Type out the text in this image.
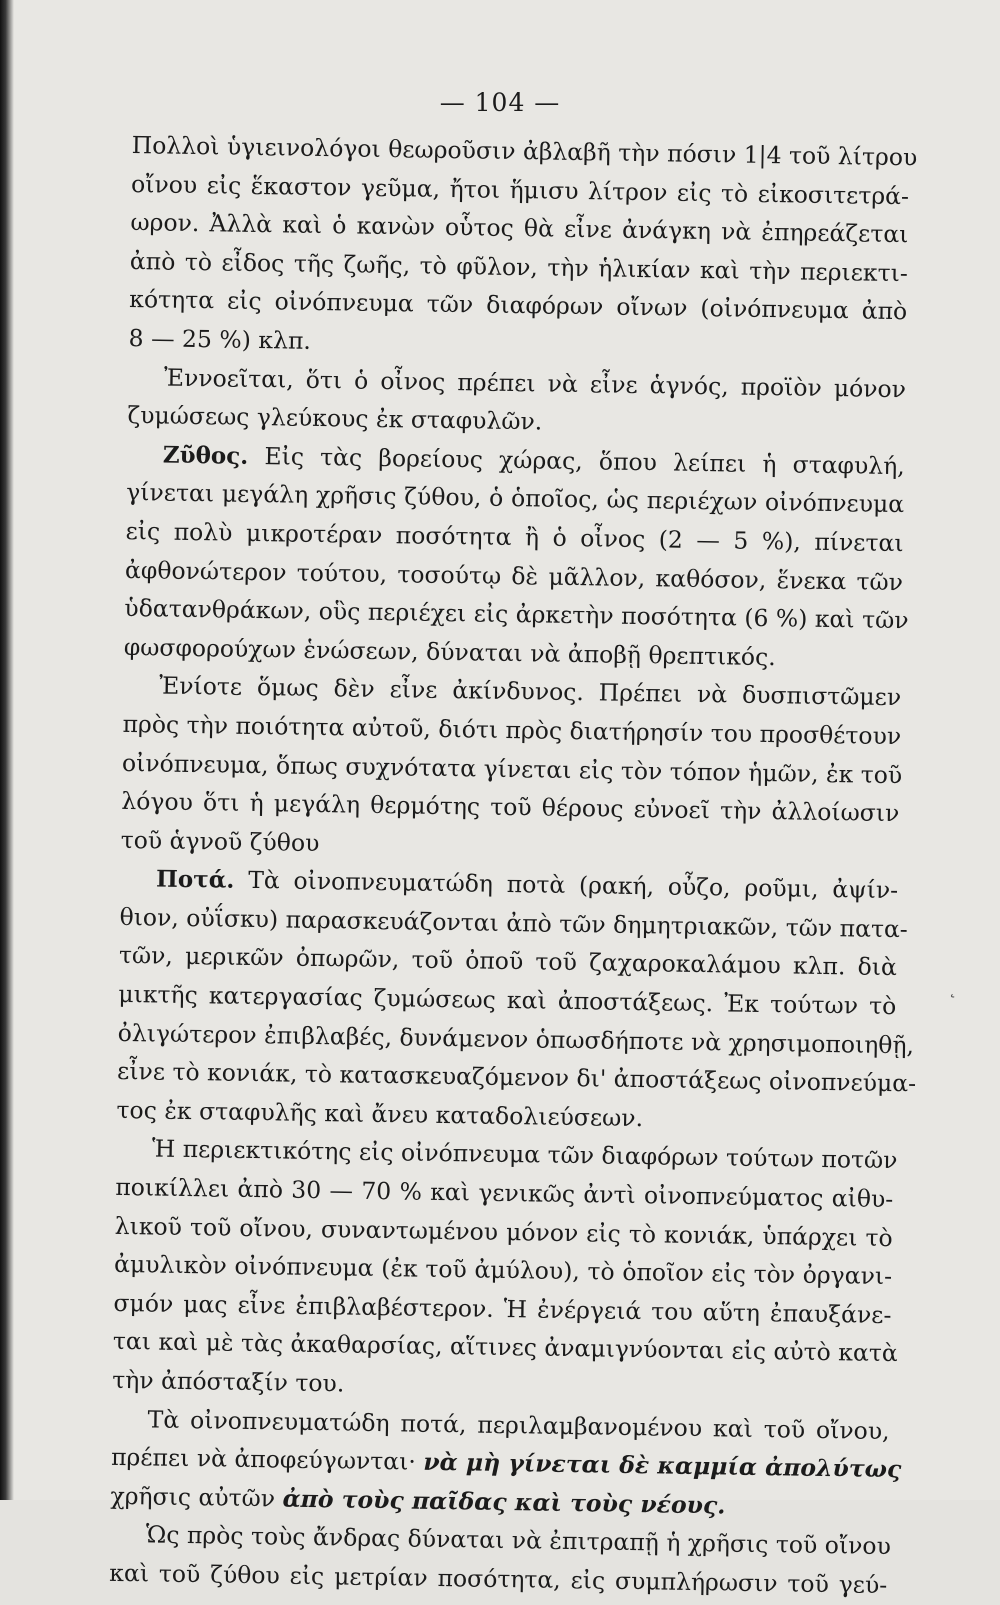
— 104 —
Πολλοὶ ὑγιεινολόγοι θεωροῦσιν ἀβλαβῆ τὴν πόσιν 1|4 τοῦ λίτρου
οἴνου εἰς ἕκαστον γεῦμα, ἤτοι ἥμισυ λίτρον εἰς τὸ εἰκοσιτετρά-
ωρον. Ἀλλὰ καὶ ὁ κανὼν οὗτος θὰ εἶνε ἀνάγκη νὰ ἐπηρεάζεται
ἀπὸ τὸ εἶδος τῆς ζωῆς, τὸ φῦλον, τὴν ἡλικίαν καὶ τὴν περιεκτι-
κότητα εἰς οἰνόπνευμα τῶν διαφόρων οἴνων (οἰνόπνευμα ἀπὸ
8 — 25 %) κλπ.
Ἐννοεῖται, ὅτι ὁ οἶνος πρέπει νὰ εἶνε ἁγνός, προϊὸν μόνον
ζυμώσεως γλεύκους ἐκ σταφυλῶν.
Ζῦθος. Εἰς τὰς βορείους χώρας, ὅπου λείπει ἡ σταφυλή,
γίνεται μεγάλη χρῆσις ζύθου, ὁ ὁποῖος, ὡς περιέχων οἰνόπνευμα
εἰς πολὺ μικροτέραν ποσότητα ἢ ὁ οἶνος (2 — 5 %), πίνεται
ἀφθονώτερον τούτου, τοσούτῳ δὲ μᾶλλον, καθόσον, ἕνεκα τῶν
ὑδατανθράκων, οὓς περιέχει εἰς ἀρκετὴν ποσότητα (6 %) καὶ τῶν
φωσφορούχων ἑνώσεων, δύναται νὰ ἀποβῇ θρεπτικός.
Ἐνίοτε ὅμως δὲν εἶνε ἀκίνδυνος. Πρέπει νὰ δυσπιστῶμεν
πρὸς τὴν ποιότητα αὐτοῦ, διότι πρὸς διατήρησίν του προσθέτουν
οἰνόπνευμα, ὅπως συχνότατα γίνεται εἰς τὸν τόπον ἡμῶν, ἐκ τοῦ
λόγου ὅτι ἡ μεγάλη θερμότης τοῦ θέρους εὐνοεῖ τὴν ἀλλοίωσιν
τοῦ ἁγνοῦ ζύθου
Ποτά. Τὰ οἰνοπνευματώδη ποτὰ (ρακή, οὖζο, ροῦμι, ἀψίν-
θιον, οὐΐσκυ) παρασκευάζονται ἀπὸ τῶν δημητριακῶν, τῶν πατα-
τῶν, μερικῶν ὀπωρῶν, τοῦ ὀποῦ τοῦ ζαχαροκαλάμου κλπ. διὰ
μικτῆς κατεργασίας ζυμώσεως καὶ ἀποστάξεως. Ἐκ τούτων τὸ
ὀλιγώτερον ἐπιβλαβές, δυνάμενον ὁπωσδήποτε νὰ χρησιμοποιηθῇ,
εἶνε τὸ κονιάκ, τὸ κατασκευαζόμενον δι' ἀποστάξεως οἰνοπνεύμα-
τος ἐκ σταφυλῆς καὶ ἄνευ καταδολιεύσεων.
Ἡ περιεκτικότης εἰς οἰνόπνευμα τῶν διαφόρων τούτων ποτῶν
ποικίλλει ἀπὸ 30 — 70 % καὶ γενικῶς ἀντὶ οἰνοπνεύματος αἰθυ-
λικοῦ τοῦ οἴνου, συναντωμένου μόνον εἰς τὸ κονιάκ, ὑπάρχει τὸ
ἀμυλικὸν οἰνόπνευμα (ἐκ τοῦ ἀμύλου), τὸ ὁποῖον εἰς τὸν ὀργανι-
σμόν μας εἶνε ἐπιβλαβέστερον. Ἡ ἐνέργειά του αὕτη ἐπαυξάνε-
ται καὶ μὲ τὰς ἀκαθαρσίας, αἵτινες ἀναμιγνύονται εἰς αὐτὸ κατὰ
τὴν ἀπόσταξίν του.
Τὰ οἰνοπνευματώδη ποτά, περιλαμβανομένου καὶ τοῦ οἴνου,
πρέπει νὰ ἀποφεύγωνται· νὰ μὴ γίνεται δὲ καμμία ἀπολύτως
χρῆσις αὐτῶν ἀπὸ τοὺς παῖδας καὶ τοὺς νέους.
Ὡς πρὸς τοὺς ἄνδρας δύναται νὰ ἐπιτραπῇ ἡ χρῆσις τοῦ οἴνου
καὶ τοῦ ζύθου εἰς μετρίαν ποσότητα, εἰς συμπλήρωσιν τοῦ γεύ-
˛
